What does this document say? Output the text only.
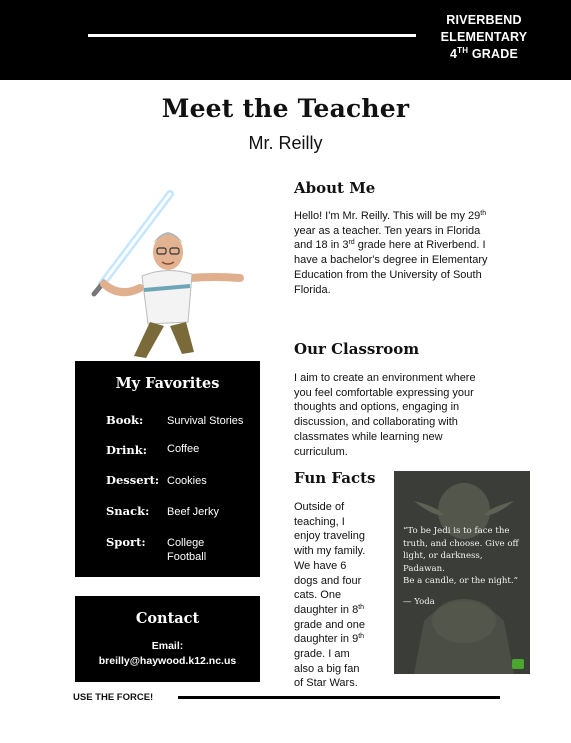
RIVERBEND
ELEMENTARY
4TH GRADE
Meet the Teacher
Mr. Reilly
About Me
Hello! I'm Mr. Reilly. This will be my 29th
year as a teacher. Ten years in Florida
and 18 in 3rd grade here at Riverbend. I
have a bachelor's degree in Elementary
Education from the University of South
Florida.
Our Classroom
I aim to create an environment where
you feel comfortable expressing your
thoughts and options, engaging in
discussion, and collaborating with
classmates while learning new
curriculum.
Fun Facts
Outside of
teaching, I
enjoy traveling
with my family.
We have 6
dogs and four
cats. One
daughter in 8th
grade and one
daughter in 9th
grade. I am
also a big fan
of Star Wars.
“To be Jedi is to face the
truth, and choose. Give off
light, or darkness, Padawan.
Be a candle, or the night.”
— Yoda
My Favorites
Book: Survival Stories
Drink: Coffee
Dessert: Cookies
Snack: Beef Jerky
Sport: College Football
Contact
Email:
breilly@haywood.k12.nc.us
USE THE FORCE!
